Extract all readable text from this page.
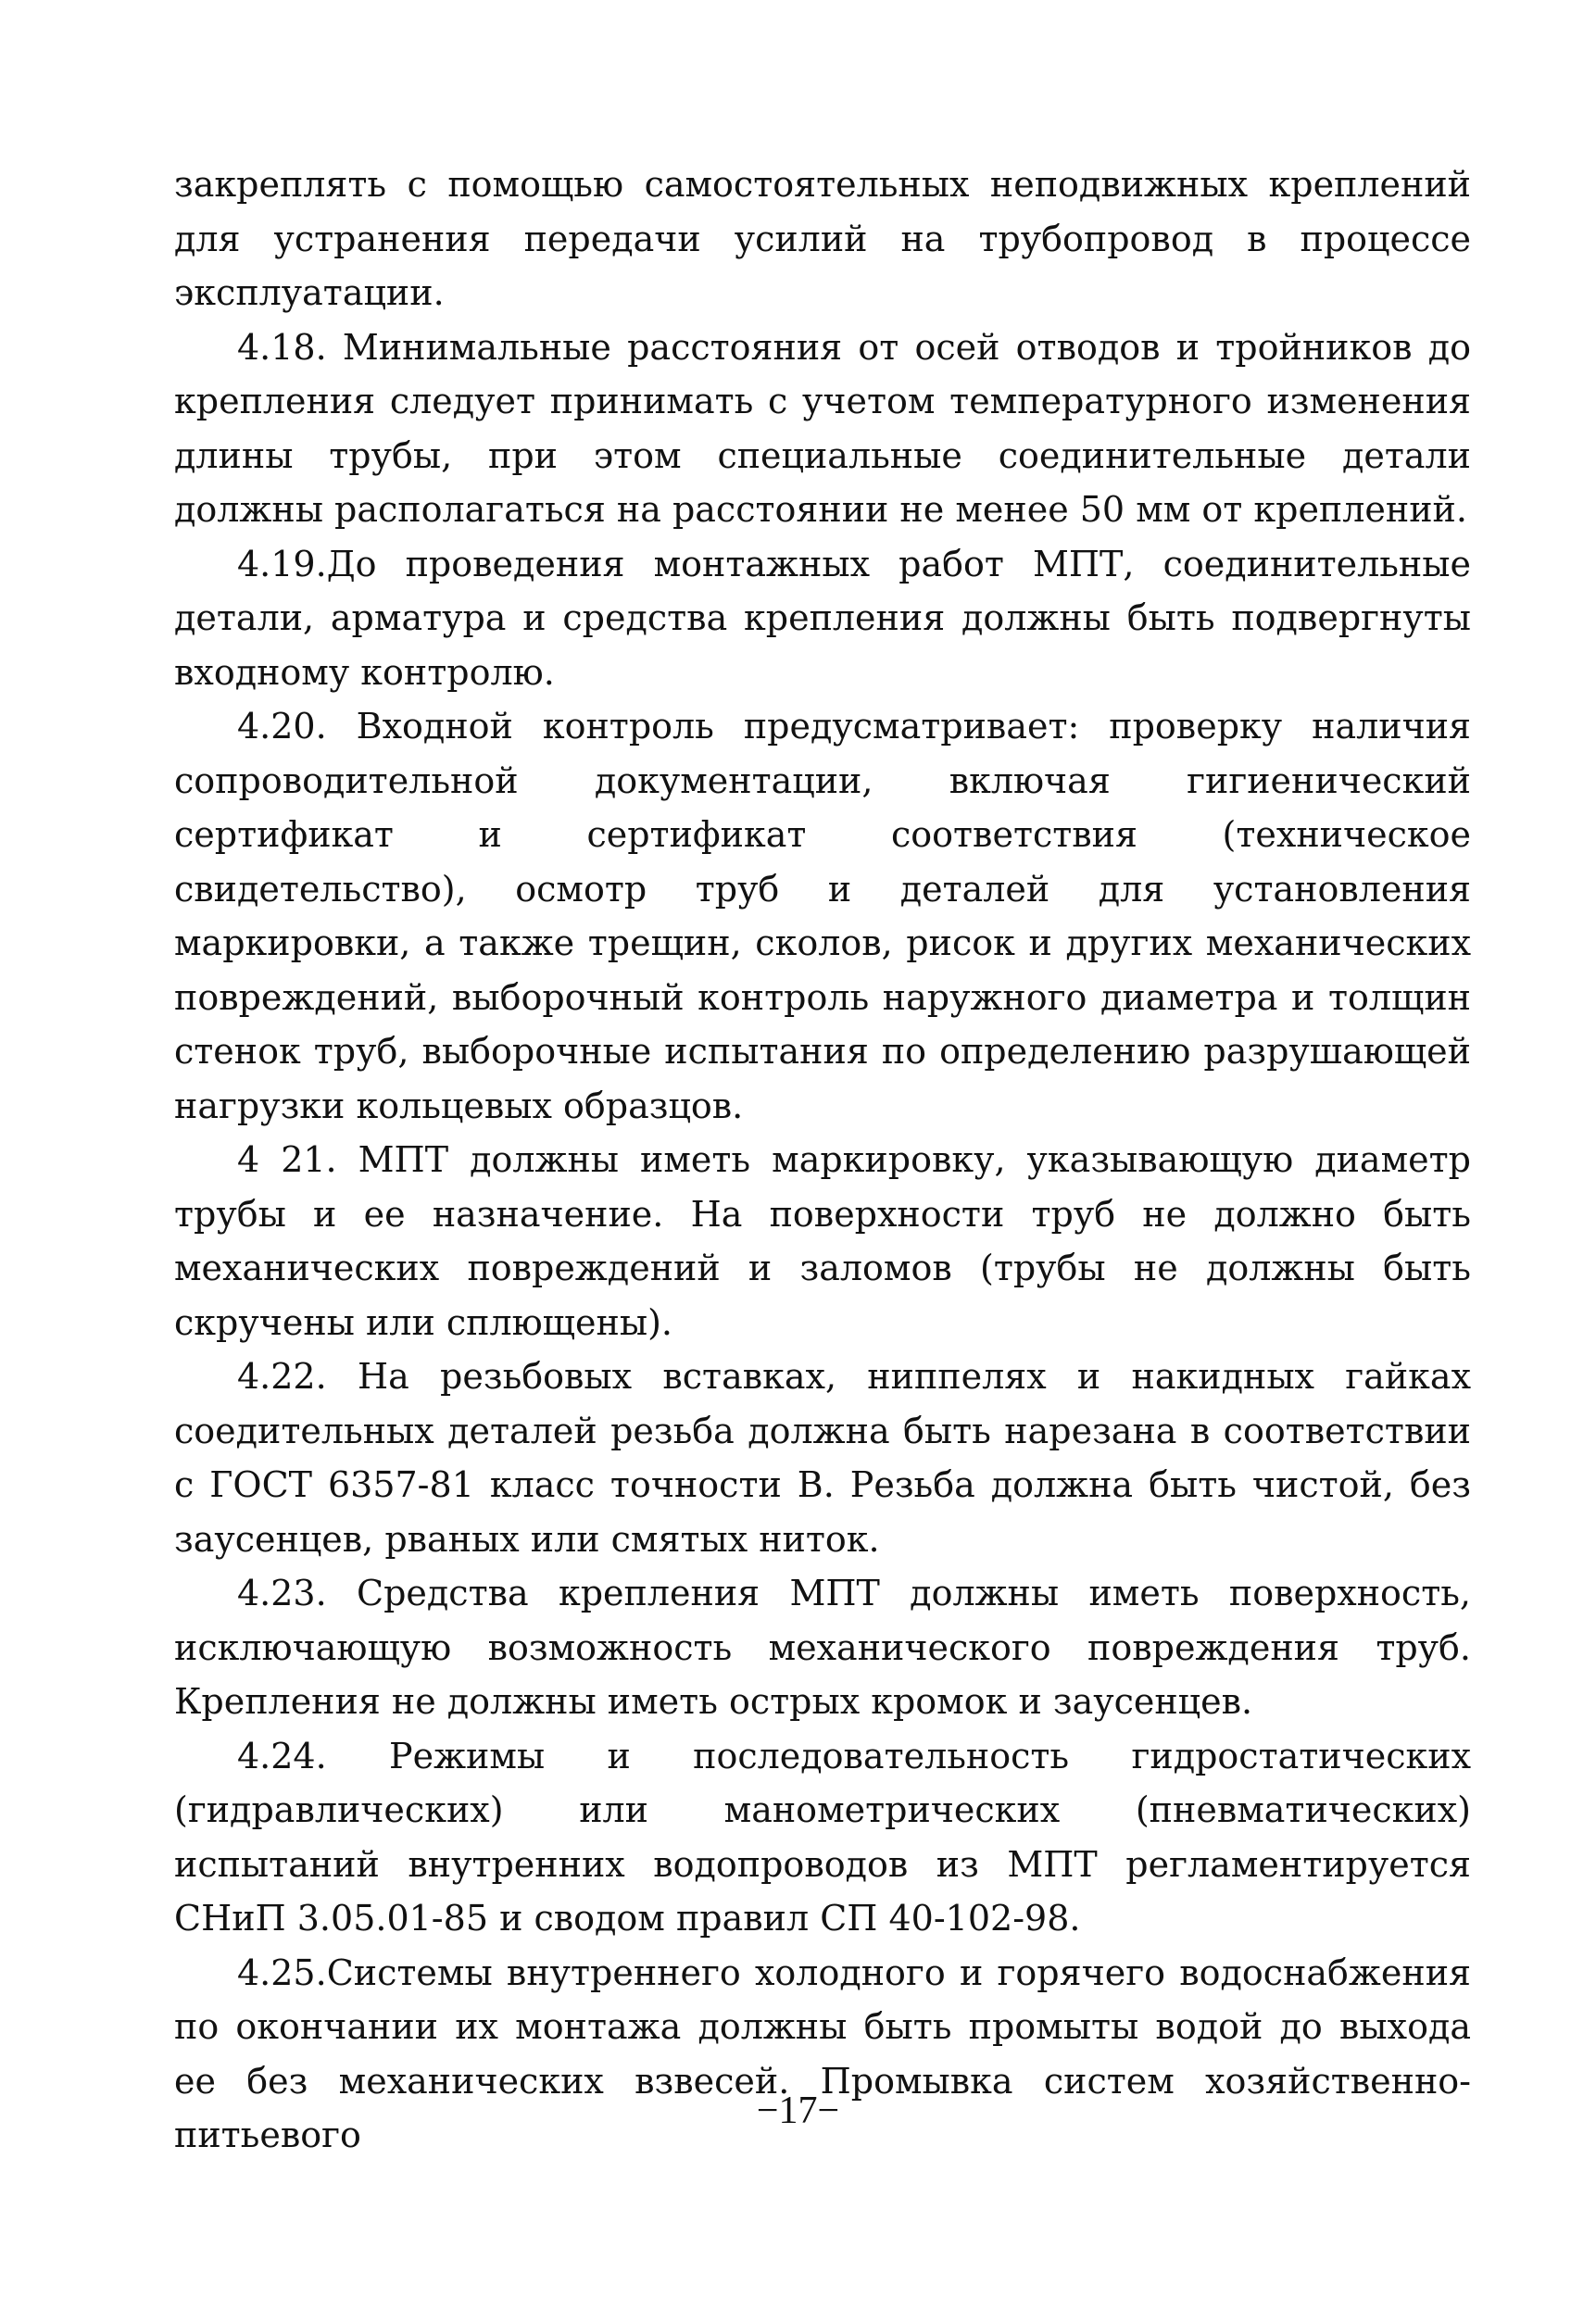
закреплять с помощью самостоятельных неподвижных креплений для устранения передачи усилий на трубопровод в процессе эксплуатации.

4.18. Минимальные расстояния от осей отводов и тройников до крепления следует принимать с учетом температурного изменения длины трубы, при этом специальные соединительные детали должны располагаться на расстоянии не менее 50 мм от креплений.

4.19.До проведения монтажных работ МПТ, соединительные детали, арматура и средства крепления должны быть подвергнуты входному контролю.

4.20. Входной контроль предусматривает: проверку наличия сопроводительной документации, включая гигиенический сертификат и сертификат соответствия (техническое свидетельство), осмотр труб и деталей для установления маркировки, а также трещин, сколов, рисок и других механических повреждений, выборочный контроль наружного диаметра и толщин стенок труб, выборочные испытания по определению разрушающей нагрузки кольцевых образцов.

4 21. МПТ должны иметь маркировку, указывающую диаметр трубы и ее назначение. На поверхности труб не должно быть механических повреждений и заломов (трубы не должны быть скручены или сплющены).

4.22. На резьбовых вставках, ниппелях и накидных гайках соедительных деталей резьба должна быть нарезана в соответствии с ГОСТ 6357-81 класс точности В. Резьба должна быть чистой, без заусенцев, рваных или смятых ниток.

4.23. Средства крепления МПТ должны иметь поверхность, исключающую возможность механического повреждения труб. Крепления не должны иметь острых кромок и заусенцев.

4.24. Режимы и последовательность гидростатических (гидравлических) или манометрических (пневматических) испытаний внутренних водопроводов из МПТ регламентируется СНиП 3.05.01-85 и сводом правил СП 40-102-98.

4.25.Системы внутреннего холодного и горячего водоснабжения по окончании их монтажа должны быть промыты водой до выхода ее без механических взвесей. Промывка систем хозяйственно-питьевого

−17−
